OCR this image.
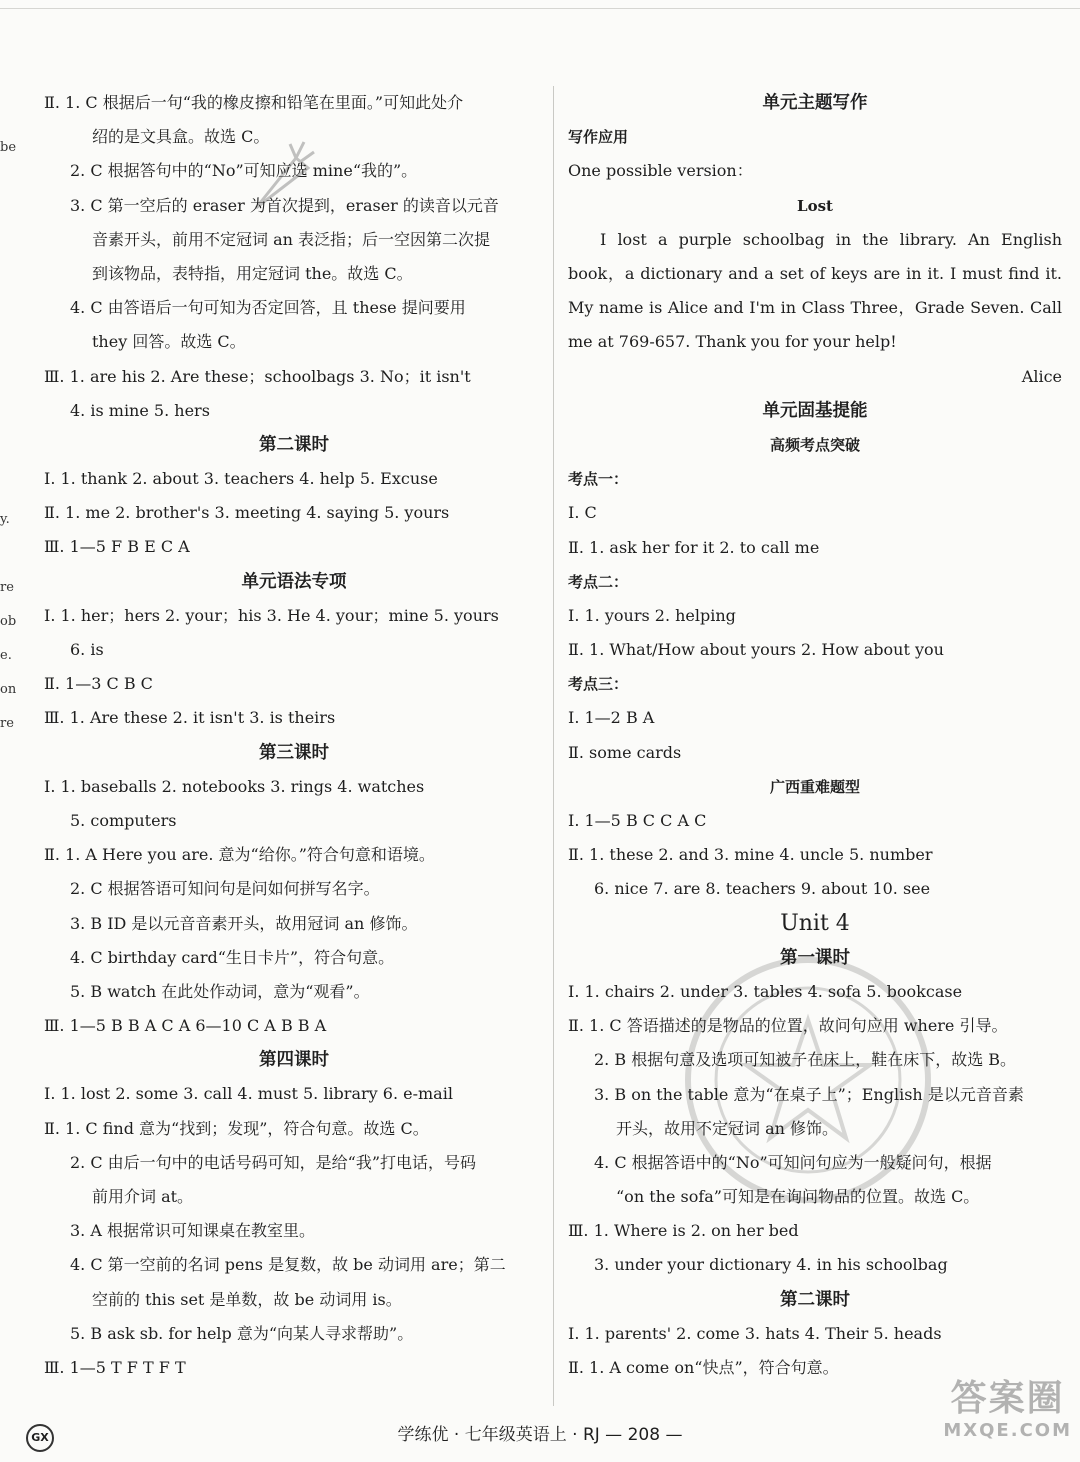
be
y.
re
ob
e.
on
re
Ⅱ. 1. C 根据后一句“我的橡皮擦和铅笔在里面。”可知此处介
绍的是文具盒。故选 C。
2. C 根据答句中的“No”可知应选 mine“我的”。
3. C 第一空后的 eraser 为首次提到，eraser 的读音以元音
音素开头，前用不定冠词 an 表泛指；后一空因第二次提
到该物品，表特指，用定冠词 the。故选 C。
4. C 由答语后一句可知为否定回答，且 these 提问要用
they 回答。故选 C。
Ⅲ. 1. are his 2. Are these；schoolbags 3. No；it isn't
4. is mine 5. hers
第二课时
Ⅰ. 1. thank 2. about 3. teachers 4. help 5. Excuse
Ⅱ. 1. me 2. brother's 3. meeting 4. saying 5. yours
Ⅲ. 1—5 F B E C A
单元语法专项
Ⅰ. 1. her；hers 2. your；his 3. He 4. your；mine 5. yours
6. is
Ⅱ. 1—3 C B C
Ⅲ. 1. Are these 2. it isn't 3. is theirs
第三课时
Ⅰ. 1. baseballs 2. notebooks 3. rings 4. watches
5. computers
Ⅱ. 1. A Here you are. 意为“给你。”符合句意和语境。
2. C 根据答语可知问句是问如何拼写名字。
3. B ID 是以元音音素开头，故用冠词 an 修饰。
4. C birthday card“生日卡片”，符合句意。
5. B watch 在此处作动词，意为“观看”。
Ⅲ. 1—5 B B A C A 6—10 C A B B A
第四课时
Ⅰ. 1. lost 2. some 3. call 4. must 5. library 6. e-mail
Ⅱ. 1. C find 意为“找到；发现”，符合句意。故选 C。
2. C 由后一句中的电话号码可知，是给“我”打电话，号码
前用介词 at。
3. A 根据常识可知课桌在教室里。
4. C 第一空前的名词 pens 是复数，故 be 动词用 are；第二
空前的 this set 是单数，故 be 动词用 is。
5. B ask sb. for help 意为“向某人寻求帮助”。
Ⅲ. 1—5 T F T F T
单元主题写作
写作应用
One possible version：
Lost

I lost a purple schoolbag in the library. An English book，a dictionary and a set of keys are in it. I must find it. My name is Alice and I'm in Class Three，Grade Seven. Call me at 769-657. Thank you for your help!

Alice
单元固基提能
高频考点突破
考点一：
Ⅰ. C
Ⅱ. 1. ask her for it 2. to call me
考点二：
Ⅰ. 1. yours 2. helping
Ⅱ. 1. What/How about yours 2. How about you
考点三：
Ⅰ. 1—2 B A
Ⅱ. some cards
广西重难题型
Ⅰ. 1—5 B C C A C
Ⅱ. 1. these 2. and 3. mine 4. uncle 5. number
6. nice 7. are 8. teachers 9. about 10. see
Unit 4
第一课时
Ⅰ. 1. chairs 2. under 3. tables 4. sofa 5. bookcase
Ⅱ. 1. C 答语描述的是物品的位置，故问句应用 where 引导。
2. B 根据句意及选项可知被子在床上，鞋在床下，故选 B。
3. B on the table 意为“在桌子上”；English 是以元音音素
开头，故用不定冠词 an 修饰。
4. C 根据答语中的“No”可知问句应为一般疑问句，根据
“on the sofa”可知是在询问物品的位置。故选 C。
Ⅲ. 1. Where is 2. on her bed
3. under your dictionary 4. in his schoolbag
第二课时
Ⅰ. 1. parents' 2. come 3. hats 4. Their 5. heads
Ⅱ. 1. A come on“快点”，符合句意。
GX	学练优 · 七年级英语上 · RJ — 208 —
答案圈
MXQE.COM
